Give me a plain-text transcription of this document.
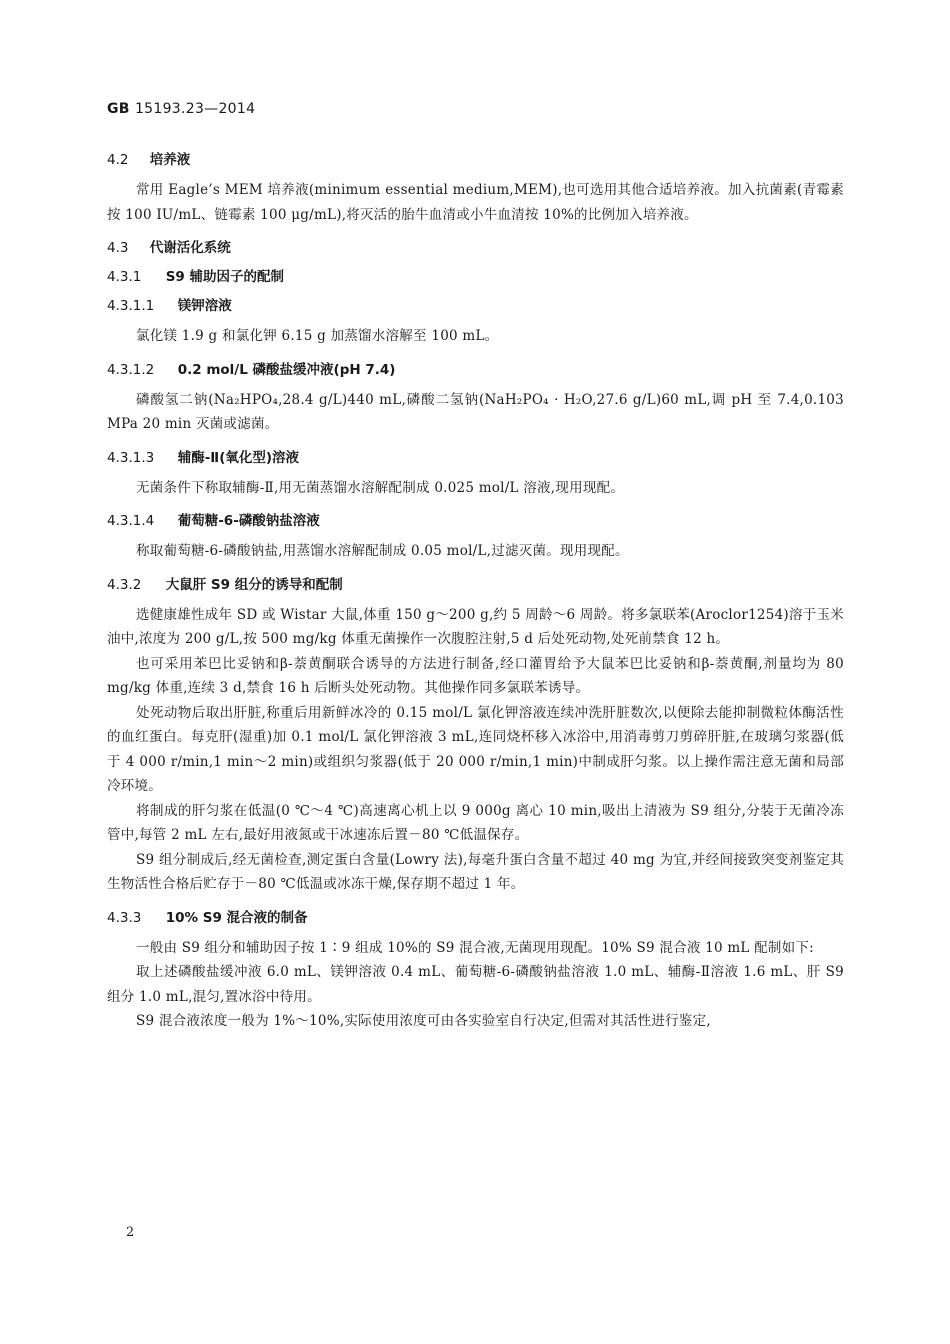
GB 15193.23—2014
4.2 培养液

常用 Eagle’s MEM 培养液(minimum essential medium,MEM),也可选用其他合适培养液。加入抗菌素(青霉素按 100 IU/mL、链霉素 100 μg/mL),将灭活的胎牛血清或小牛血清按 10%的比例加入培养液。

4.3 代谢活化系统
4.3.1 S9 辅助因子的配制
4.3.1.1 镁钾溶液

氯化镁 1.9 g 和氯化钾 6.15 g 加蒸馏水溶解至 100 mL。

4.3.1.2 0.2 mol/L 磷酸盐缓冲液(pH 7.4)

磷酸氢二钠(Na₂HPO₄,28.4 g/L)440 mL,磷酸二氢钠(NaH₂PO₄ · H₂O,27.6 g/L)60 mL,调 pH 至 7.4,0.103 MPa 20 min 灭菌或滤菌。

4.3.1.3 辅酶-Ⅱ(氧化型)溶液

无菌条件下称取辅酶-Ⅱ,用无菌蒸馏水溶解配制成 0.025 mol/L 溶液,现用现配。

4.3.1.4 葡萄糖-6-磷酸钠盐溶液

称取葡萄糖-6-磷酸钠盐,用蒸馏水溶解配制成 0.05 mol/L,过滤灭菌。现用现配。

4.3.2 大鼠肝 S9 组分的诱导和配制

选健康雄性成年 SD 或 Wistar 大鼠,体重 150 g～200 g,约 5 周龄～6 周龄。将多氯联苯(Aroclor1254)溶于玉米油中,浓度为 200 g/L,按 500 mg/kg 体重无菌操作一次腹腔注射,5 d 后处死动物,处死前禁食 12 h。

也可采用苯巴比妥钠和β-萘黄酮联合诱导的方法进行制备,经口灌胃给予大鼠苯巴比妥钠和β-萘黄酮,剂量均为 80 mg/kg 体重,连续 3 d,禁食 16 h 后断头处死动物。其他操作同多氯联苯诱导。

处死动物后取出肝脏,称重后用新鲜冰冷的 0.15 mol/L 氯化钾溶液连续冲洗肝脏数次,以便除去能抑制微粒体酶活性的血红蛋白。每克肝(湿重)加 0.1 mol/L 氯化钾溶液 3 mL,连同烧杯移入冰浴中,用消毒剪刀剪碎肝脏,在玻璃匀浆器(低于 4 000 r/min,1 min～2 min)或组织匀浆器(低于 20 000 r/min,1 min)中制成肝匀浆。以上操作需注意无菌和局部冷环境。

将制成的肝匀浆在低温(0 ℃～4 ℃)高速离心机上以 9 000g 离心 10 min,吸出上清液为 S9 组分,分装于无菌冷冻管中,每管 2 mL 左右,最好用液氮或干冰速冻后置－80 ℃低温保存。

S9 组分制成后,经无菌检查,测定蛋白含量(Lowry 法),每毫升蛋白含量不超过 40 mg 为宜,并经间接致突变剂鉴定其生物活性合格后贮存于－80 ℃低温或冰冻干燥,保存期不超过 1 年。

4.3.3 10% S9 混合液的制备

一般由 S9 组分和辅助因子按 1∶9 组成 10%的 S9 混合液,无菌现用现配。10% S9 混合液 10 mL 配制如下:

取上述磷酸盐缓冲液 6.0 mL、镁钾溶液 0.4 mL、葡萄糖-6-磷酸钠盐溶液 1.0 mL、辅酶-Ⅱ溶液 1.6 mL、肝 S9 组分 1.0 mL,混匀,置冰浴中待用。

S9 混合液浓度一般为 1%～10%,实际使用浓度可由各实验室自行决定,但需对其活性进行鉴定,

2
